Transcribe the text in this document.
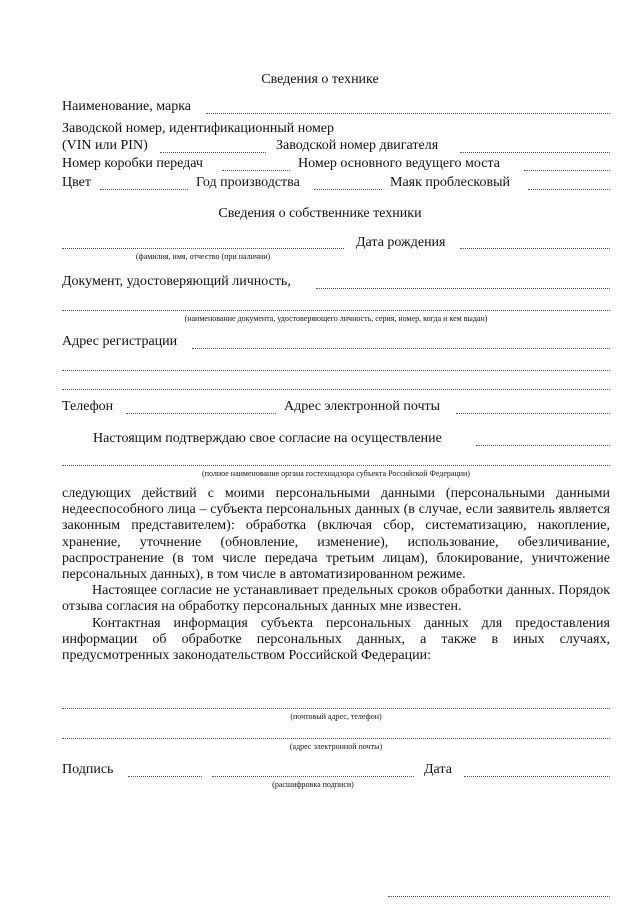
Сведения о технике
Наименование, марка
Заводской номер, идентификационный номер
(VIN или PIN)	Заводской номер двигателя
Номер коробки передач	Номер основного ведущего моста
Цвет	Год производства	Маяк проблесковый
Сведения о собственнике техники
Дата рождения
(фамилия, имя, отчество (при наличии)
Документ, удостоверяющий личность,
(наименование документа, удостоверяющего личность, серия, номер, когда и кем выдан)
Адрес регистрации
Телефон	Адрес электронной почты
Настоящим подтверждаю свое согласие на осуществление
(полное наименование органа гостехнадзора субъекта Российской Федерации)

следующих действий с моими персональными данными (персональными данными недееспособного лица – субъекта персональных данных (в случае, если заявитель является законным представителем): обработка (включая сбор, систематизацию, накопление, хранение, уточнение (обновление, изменение), использование, обезличивание, распространение (в том числе передача третьим лицам), блокирование, уничтожение персональных данных), в том числе в автоматизированном режиме.

Настоящее согласие не устанавливает предельных сроков обработки данных. Порядок отзыва согласия на обработку персональных данных мне известен.

Контактная информация субъекта персональных данных для предоставления информации об обработке персональных данных, а также в иных случаях, предусмотренных законодательством Российской Федерации:

(почтовый адрес, телефон)
(адрес электронной почты)
Подпись	Дата
(расшифровка подписи)
